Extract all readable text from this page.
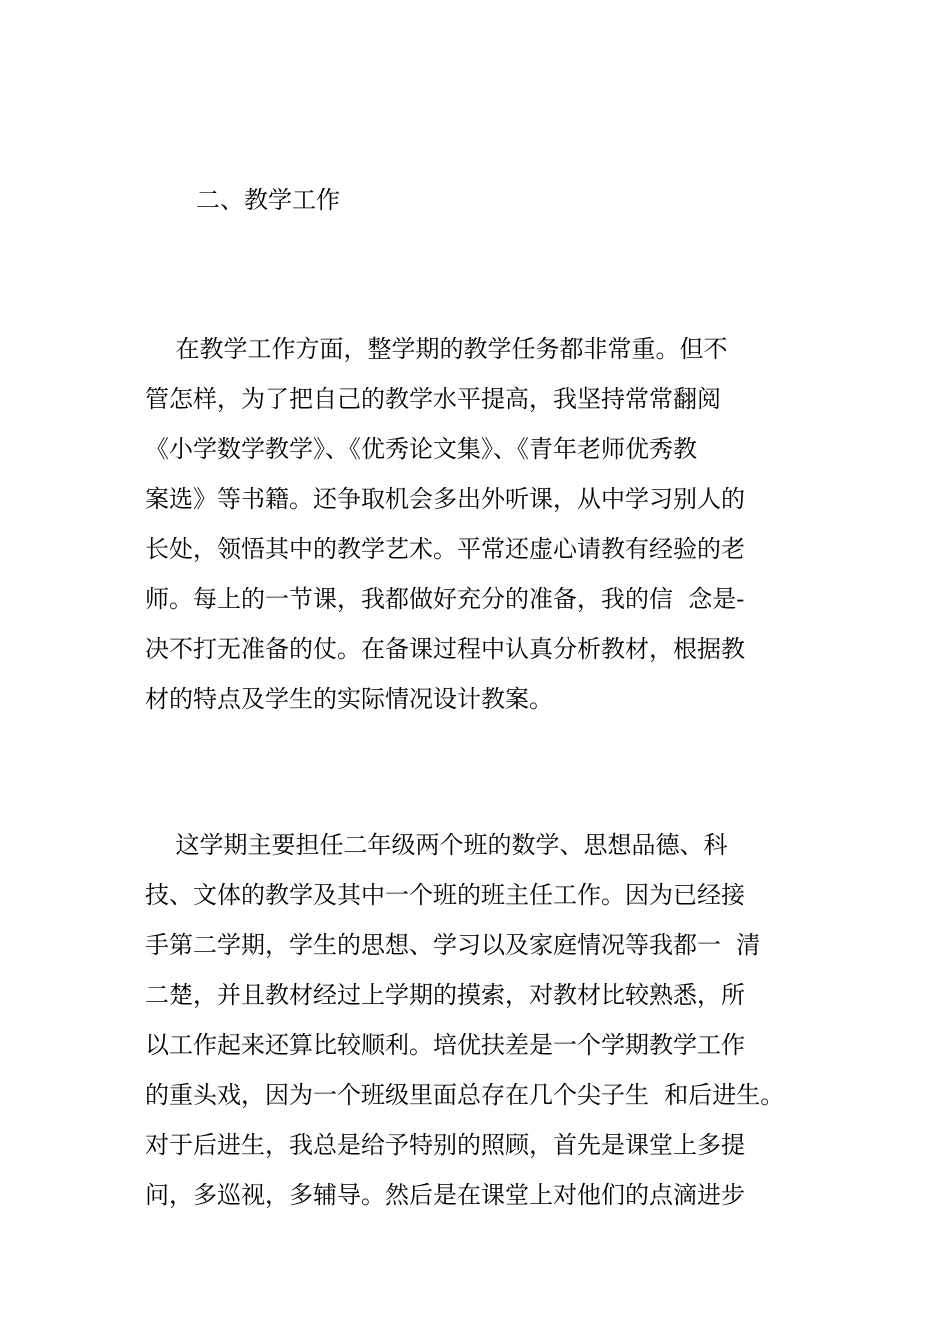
二、教学工作
在教学工作方面，整学期的教学任务都非常重。但不
管怎样，为了把自己的教学水平提高，我坚持常常翻阅
《小学数学教学》、《优秀论文集》、《青年老师优秀教
案选》等书籍。还争取机会多出外听课，从中学习别人的
长处，领悟其中的教学艺术。平常还虚心请教有经验的老
师。每上的一节课，我都做好充分的准备，我的信  念是-
决不打无准备的仗。在备课过程中认真分析教材，根据教
材的特点及学生的实际情况设计教案。
这学期主要担任二年级两个班的数学、思想品德、科
技、文体的教学及其中一个班的班主任工作。因为已经接
手第二学期，学生的思想、学习以及家庭情况等我都一  清
二楚，并且教材经过上学期的摸索，对教材比较熟悉，所
以工作起来还算比较顺利。培优扶差是一个学期教学工作
的重头戏，因为一个班级里面总存在几个尖子生  和后进生。
对于后进生，我总是给予特别的照顾，首先是课堂上多提
问，多巡视，多辅导。然后是在课堂上对他们的点滴进步
